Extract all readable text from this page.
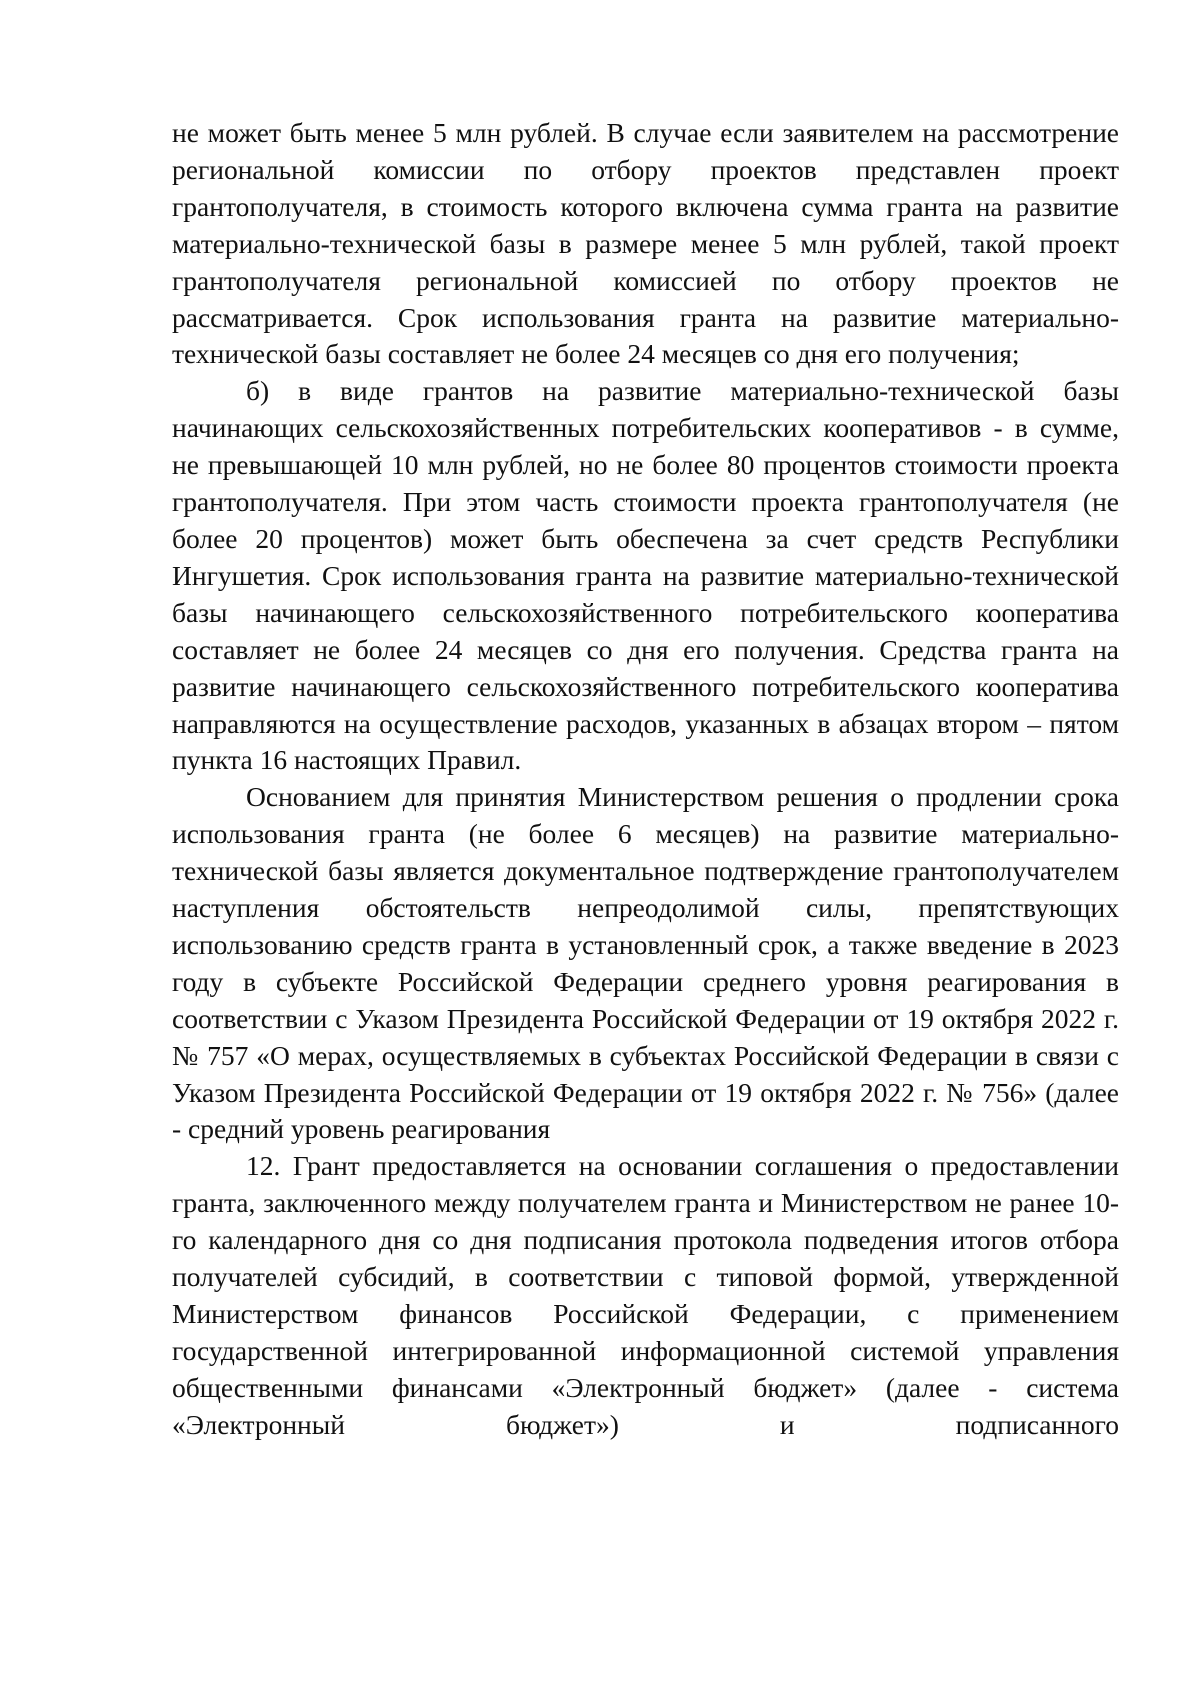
не может быть менее 5 млн рублей. В случае если заявителем на рассмотрение региональной комиссии по отбору проектов представлен проект грантополучателя, в стоимость которого включена сумма гранта на развитие материально-технической базы в размере менее 5 млн рублей, такой проект грантополучателя региональной комиссией по отбору проектов не рассматривается. Срок использования гранта на развитие материально-технической базы составляет не более 24 месяцев со дня его получения;

б) в виде грантов на развитие материально-технической базы начинающих сельскохозяйственных потребительских кооперативов - в сумме, не превышающей 10 млн рублей, но не более 80 процентов стоимости проекта грантополучателя. При этом часть стоимости проекта грантополучателя (не более 20 процентов) может быть обеспечена за счет средств Республики Ингушетия. Срок использования гранта на развитие материально-технической базы начинающего сельскохозяйственного потребительского кооператива составляет не более 24 месяцев со дня его получения. Средства гранта на развитие начинающего сельскохозяйственного потребительского кооператива направляются на осуществление расходов, указанных в абзацах втором – пятом пункта 16 настоящих Правил.

Основанием для принятия Министерством решения о продлении срока использования гранта (не более 6 месяцев) на развитие материально-технической базы является документальное подтверждение грантополучателем наступления обстоятельств непреодолимой силы, препятствующих использованию средств гранта в установленный срок, а также введение в 2023 году в субъекте Российской Федерации среднего уровня реагирования в соответствии с Указом Президента Российской Федерации от 19 октября 2022 г. № 757 «О мерах, осуществляемых в субъектах Российской Федерации в связи с Указом Президента Российской Федерации от 19 октября 2022 г. № 756» (далее - средний уровень реагирования

12. Грант предоставляется на основании соглашения о предоставлении гранта, заключенного между получателем гранта и Министерством не ранее 10-го календарного дня со дня подписания протокола подведения итогов отбора получателей субсидий, в соответствии с типовой формой, утвержденной Министерством финансов Российской Федерации, с применением государственной интегрированной информационной системой управления общественными финансами «Электронный бюджет» (далее - система «Электронный бюджет») и подписанного
